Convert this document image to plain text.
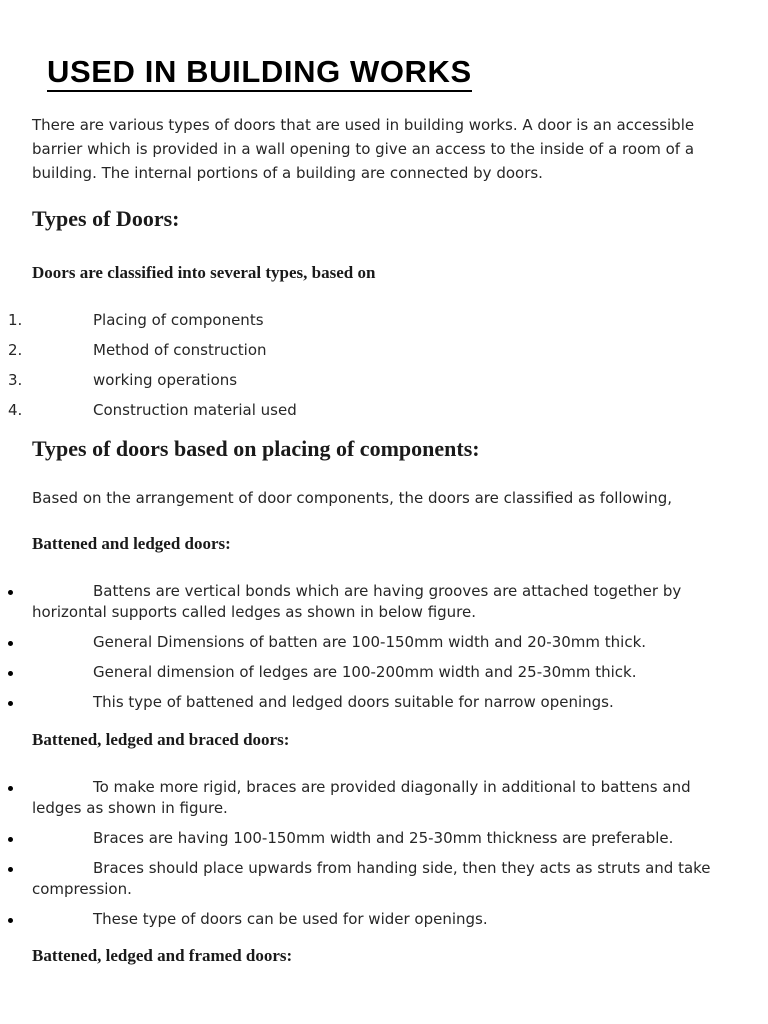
USED IN BUILDING WORKS

There are various types of doors that are used in building works. A door is an accessible barrier which is provided in a wall opening to give an access to the inside of a room of a building. The internal portions of a building are connected by doors.

Types of Doors:
Doors are classified into several types, based on
1.	Placing of components
2.	Method of construction
3.	working operations
4.	Construction material used
Types of doors based on placing of components:

Based on the arrangement of door components, the doors are classified as following,

Battened and ledged doors:

Battens are vertical bonds which are having grooves are attached together by horizontal supports called ledges as shown in below figure.

General Dimensions of batten are 100-150mm width and 20-30mm thick.

General dimension of ledges are 100-200mm width and 25-30mm thick.

This type of battened and ledged doors suitable for narrow openings.

Battened, ledged and braced doors:

To make more rigid, braces are provided diagonally in additional to battens and ledges as shown in figure.

Braces are having 100-150mm width and 25-30mm thickness are preferable.

Braces should place upwards from handing side, then they acts as struts and take compression.

These type of doors can be used for wider openings.

Battened, ledged and framed doors:
